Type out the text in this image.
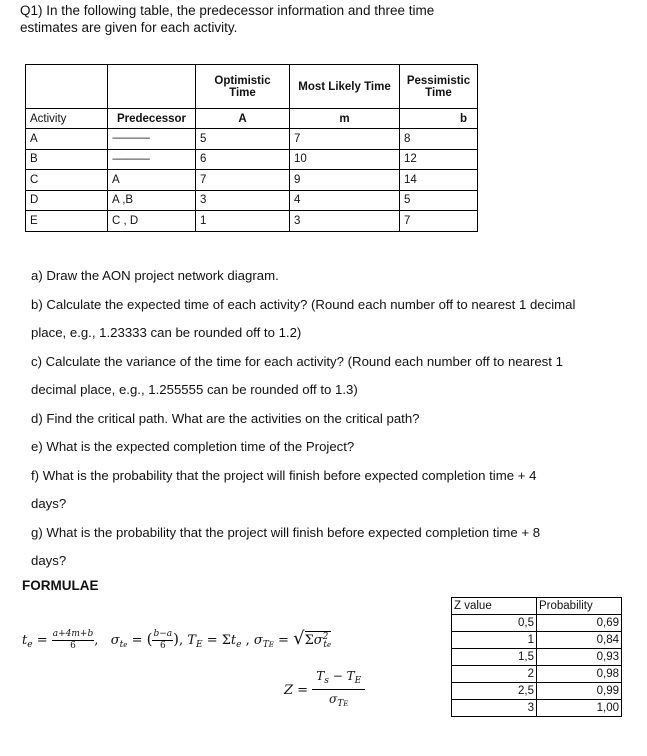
Q1) In the following table, the predecessor information and three time
estimates are given for each activity.
		Optimistic Time	Most Likely Time	Pessimistic Time
Activity	Predecessor	A	m	b
A	----------------	5	7	8
B	----------------	6	10	12
C	A	7	9	14
D	A ,B	3	4	5
E	C , D	1	3	7
a) Draw the AON project network diagram.
b) Calculate the expected time of each activity? (Round each number off to nearest 1 decimal
place, e.g., 1.23333 can be rounded off to 1.2)
c) Calculate the variance of the time for each activity? (Round each number off to nearest 1
decimal place, e.g., 1.255555 can be rounded off to 1.3)
d) Find the critical path. What are the activities on the critical path?
e) What is the expected completion time of the Project?
f) What is the probability that the project will finish before expected completion time + 4
days?
g) What is the probability that the project will finish before expected completion time + 8
days?
FORMULAE
$t_e = \frac{a+4m+b}{6}$ ,   $\sigma_{te}$ = ( $\frac{b-a}{6}$ ), $T_E = \Sigma t_e$ , $\sigma_{TE} = √\Sigma\sigma^2_{te}$
$Z = \frac{T_s - T_E}{\sigma_{TE}}$
Z value	Probability
0,5	0,69
1	0,84
1,5	0,93
2	0,98
2,5	0,99
3	1,00
